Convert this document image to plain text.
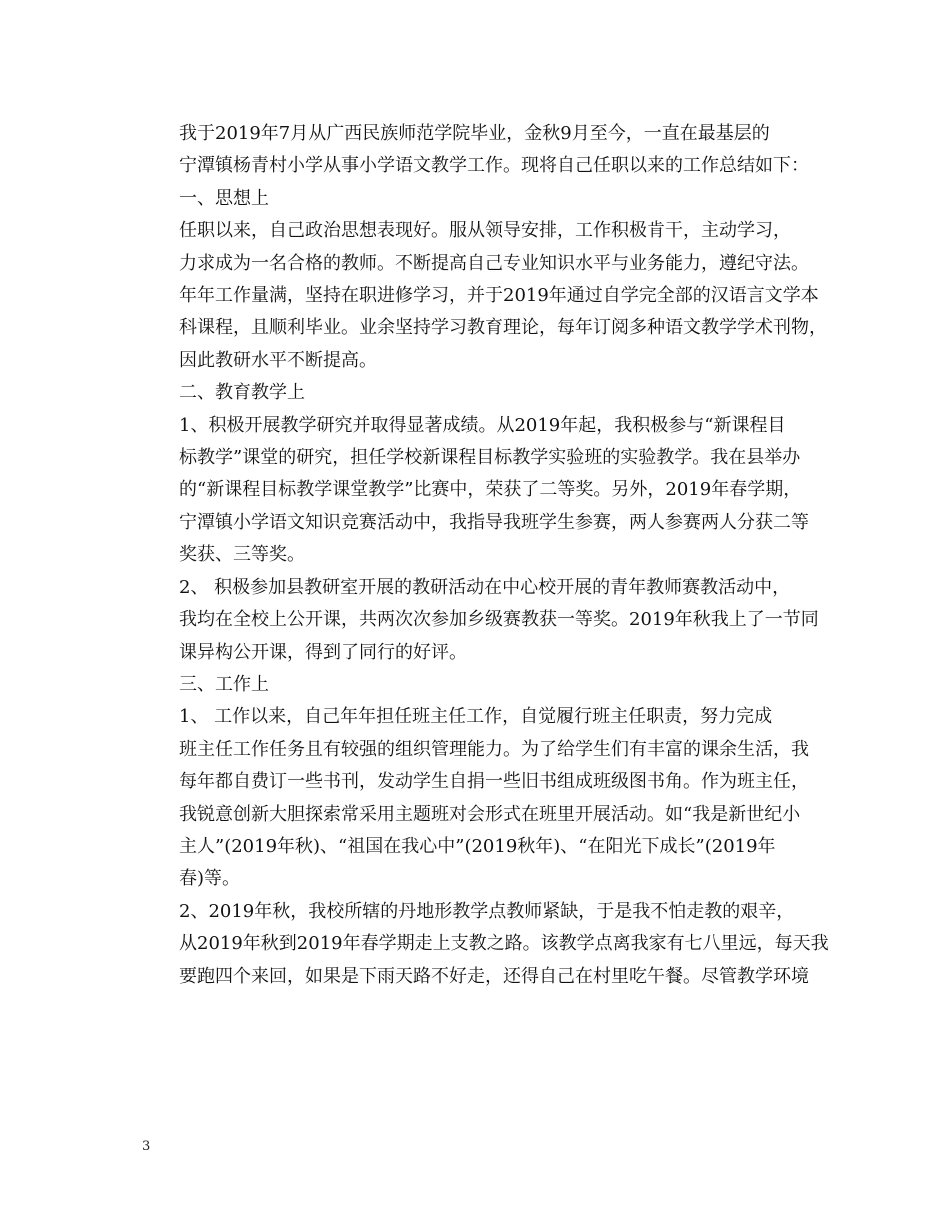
我于2019年7月从广西民族师范学院毕业，金秋9月至今，一直在最基层的
宁潭镇杨青村小学从事小学语文教学工作。现将自己任职以来的工作总结如下：

一、思想上

任职以来，自己政治思想表现好。服从领导安排，工作积极肯干，主动学习，
力求成为一名合格的教师。不断提高自己专业知识水平与业务能力，遵纪守法。
年年工作量满，坚持在职进修学习，并于2019年通过自学完全部的汉语言文学本
科课程，且顺利毕业。业余坚持学习教育理论，每年订阅多种语文教学学术刊物，
因此教研水平不断提高。

二、教育教学上

1、积极开展教学研究并取得显著成绩。从2019年起，我积极参与“新课程目
标教学”课堂的研究，担任学校新课程目标教学实验班的实验教学。我在县举办
的“新课程目标教学课堂教学”比赛中，荣获了二等奖。另外，2019年春学期，
宁潭镇小学语文知识竞赛活动中，我指导我班学生参赛，两人参赛两人分获二等
奖获、三等奖。

2、 积极参加县教研室开展的教研活动在中心校开展的青年教师赛教活动中，
我均在全校上公开课，共两次次参加乡级赛教获一等奖。2019年秋我上了一节同
课异构公开课，得到了同行的好评。

三、工作上

1、 工作以来，自己年年担任班主任工作，自觉履行班主任职责，努力完成
班主任工作任务且有较强的组织管理能力。为了给学生们有丰富的课余生活，我
每年都自费订一些书刊，发动学生自捐一些旧书组成班级图书角。作为班主任，
我锐意创新大胆探索常采用主题班对会形式在班里开展活动。如“我是新世纪小
主人”(2019年秋)、“祖国在我心中”(2019秋年)、“在阳光下成长”(2019年
春)等。

2、2019年秋，我校所辖的丹地形教学点教师紧缺，于是我不怕走教的艰辛，
从2019年秋到2019年春学期走上支教之路。该教学点离我家有七八里远，每天我
要跑四个来回，如果是下雨天路不好走，还得自己在村里吃午餐。尽管教学环境

3
